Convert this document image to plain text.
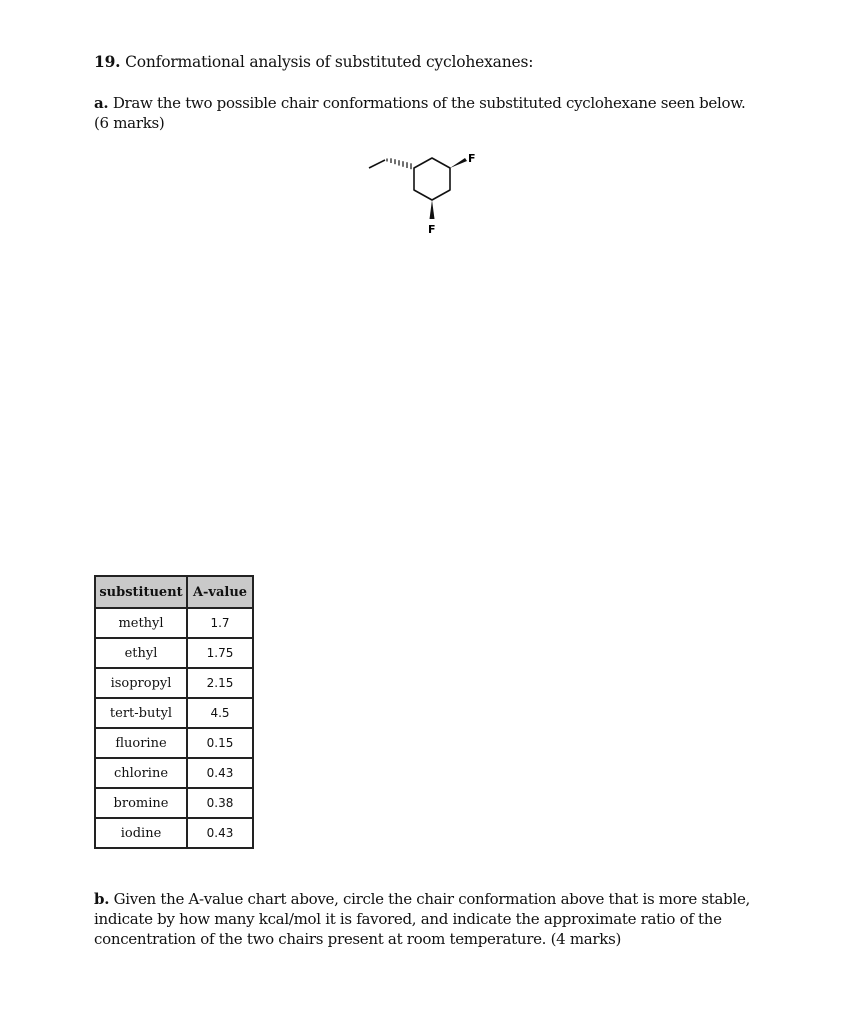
19. Conformational analysis of substituted cyclohexanes:
a. Draw the two possible chair conformations of the substituted cyclohexane seen below. (6 marks)
F
F
substituent	A-value
methyl	1.7
ethyl	1.75
isopropyl	2.15
tert-butyl	4.5
fluorine	0.15
chlorine	0.43
bromine	0.38
iodine	0.43
b. Given the A-value chart above, circle the chair conformation above that is more stable, indicate by how many kcal/mol it is favored, and indicate the approximate ratio of the concentration of the two chairs present at room temperature. (4 marks)
